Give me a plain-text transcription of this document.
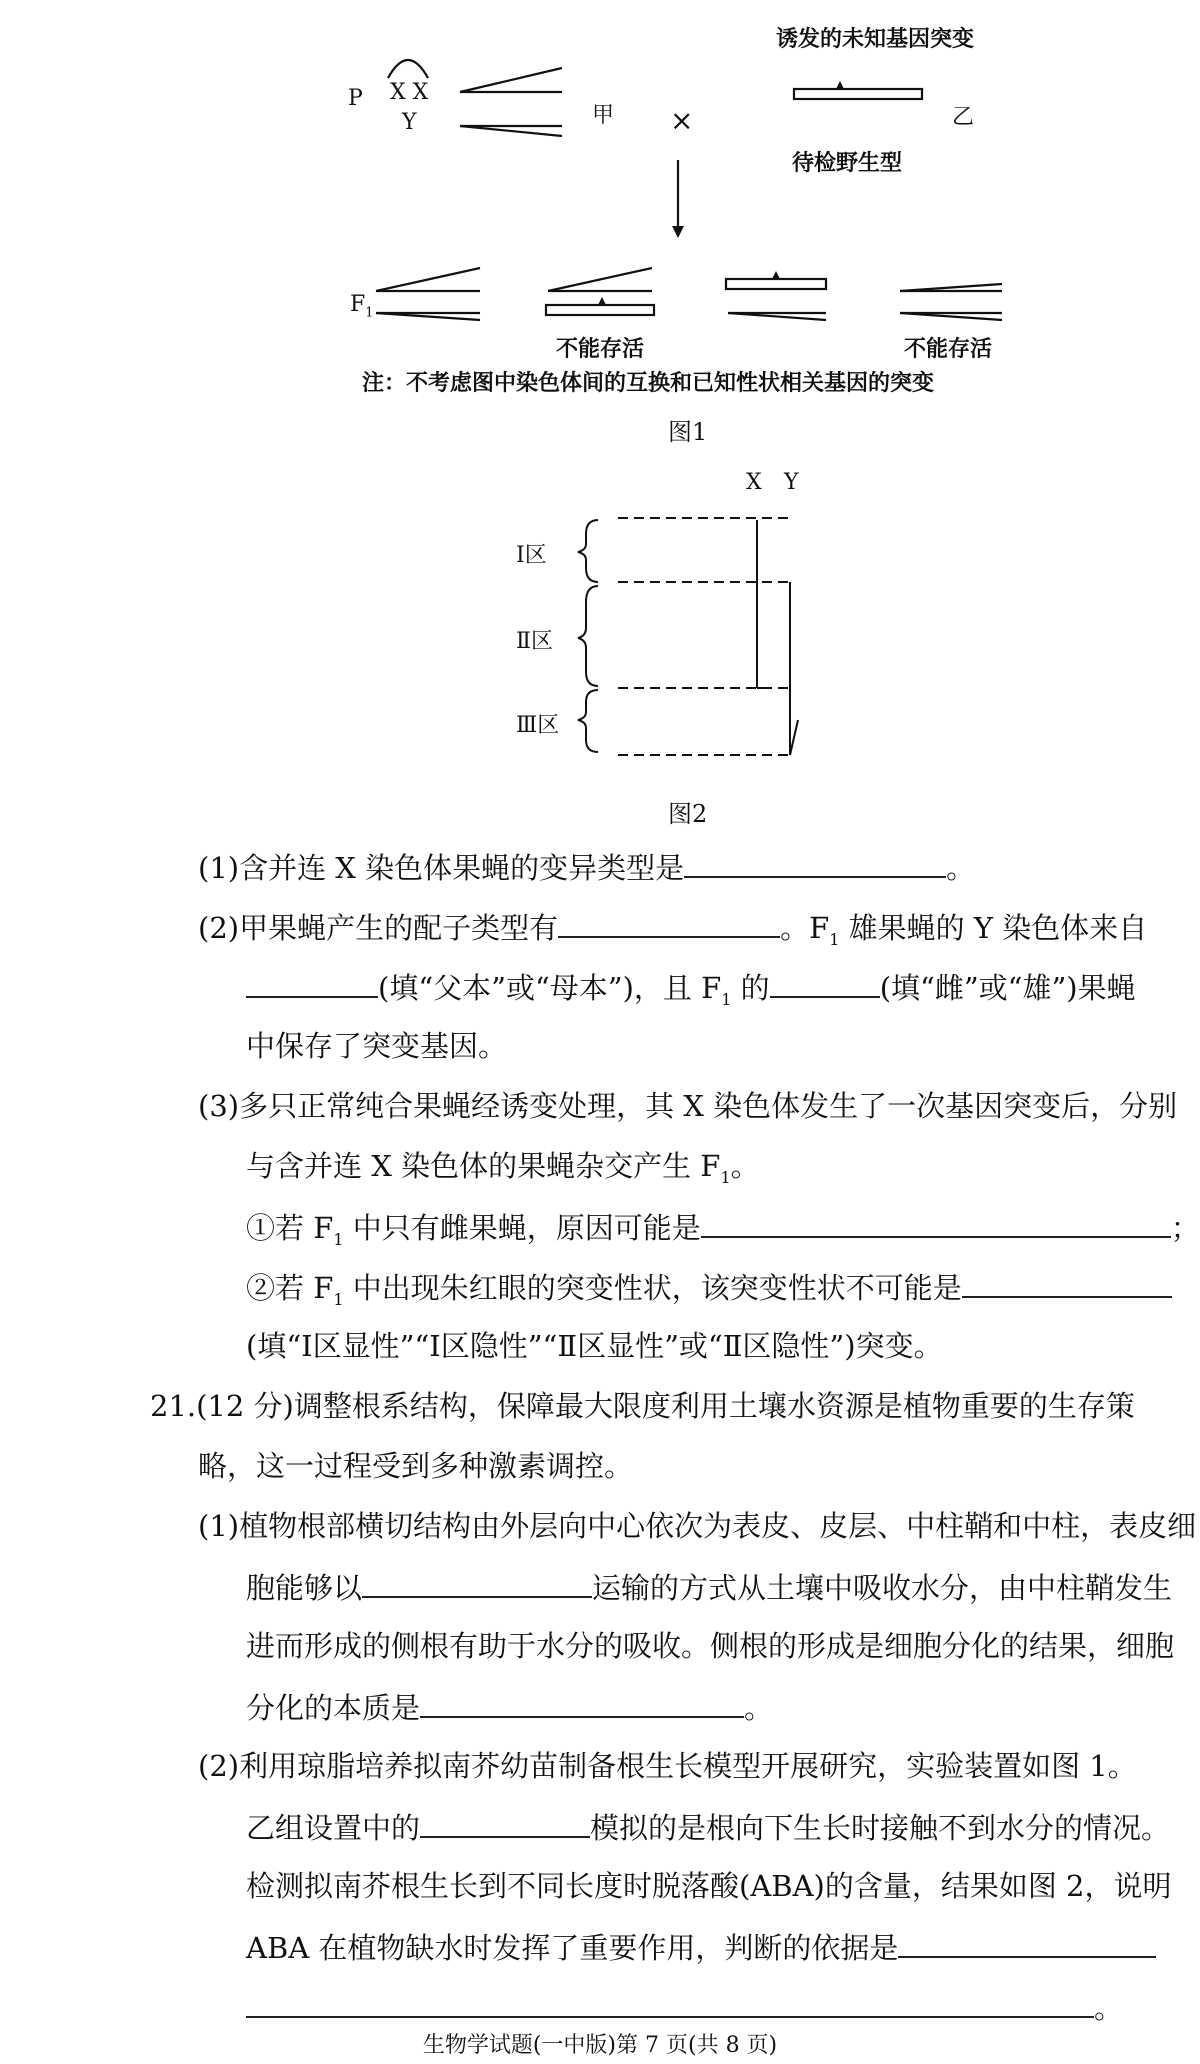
诱发的未知基因突变
P X X
Y	甲 ×	乙
待检野生型
$F_1$
不能存活	不能存活
注：不考虑图中染色体间的互换和已知性状相关基因的突变
图1
X Y
Ⅰ区
Ⅱ区
Ⅲ区
图2
(1)含并连 X 染色体果蝇的变异类型是	。
(2)甲果蝇产生的配子类型有	。$F_1$ 雄果蝇的 Y 染色体来自
(填“父本”或“母本”)，且 $F_1$ 的	(填“雌”或“雄”)果蝇
中保存了突变基因。
(3)多只正常纯合果蝇经诱变处理，其 X 染色体发生了一次基因突变后，分别
与含并连 X 染色体的果蝇杂交产生 $F_1$。
①若 $F_1$ 中只有雌果蝇，原因可能是	；
②若 $F_1$ 中出现朱红眼的突变性状，该突变性状不可能是
(填“Ⅰ区显性”“Ⅰ区隐性”“Ⅱ区显性”或“Ⅱ区隐性”)突变。
21.(12 分)调整根系结构，保障最大限度利用土壤水资源是植物重要的生存策
略，这一过程受到多种激素调控。
(1)植物根部横切结构由外层向中心依次为表皮、皮层、中柱鞘和中柱，表皮细
胞能够以	运输的方式从土壤中吸收水分，由中柱鞘发生
进而形成的侧根有助于水分的吸收。侧根的形成是细胞分化的结果，细胞
分化的本质是	。
(2)利用琼脂培养拟南芥幼苗制备根生长模型开展研究，实验装置如图 1。
乙组设置中的	模拟的是根向下生长时接触不到水分的情况。
检测拟南芥根生长到不同长度时脱落酸(ABA)的含量，结果如图 2，说明
ABA 在植物缺水时发挥了重要作用，判断的依据是
。
生物学试题(一中版)第 7 页(共 8 页)
